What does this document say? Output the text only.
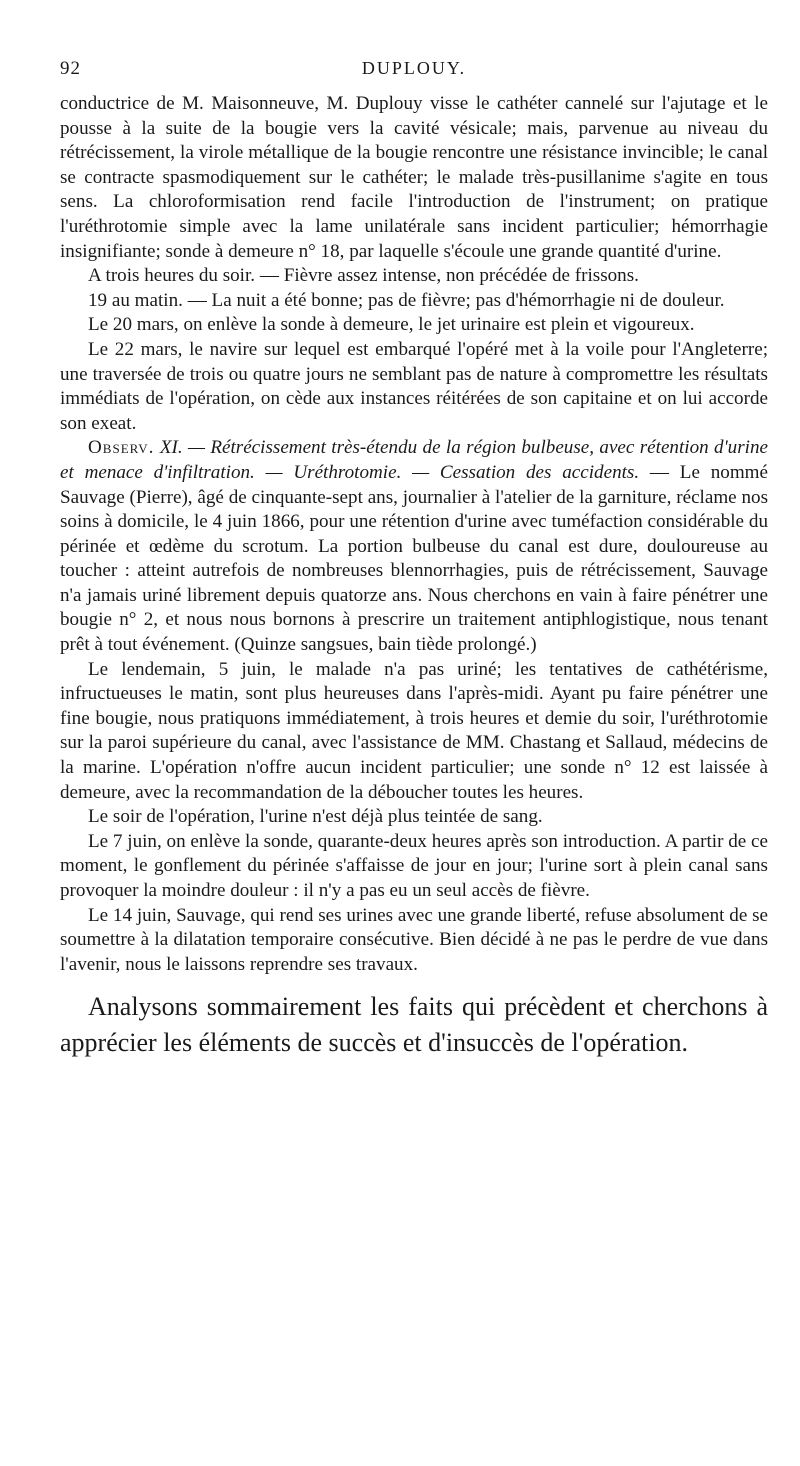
92	DUPLOUY.

conductrice de M. Maisonneuve, M. Duplouy visse le cathéter cannelé sur l'ajutage et le pousse à la suite de la bougie vers la cavité vésicale; mais, parvenue au niveau du rétrécissement, la virole métallique de la bougie rencontre une résistance invincible; le canal se contracte spasmodiquement sur le cathéter; le malade très-pusillanime s'agite en tous sens. La chloroformisation rend facile l'introduction de l'instrument; on pratique l'uréthrotomie simple avec la lame unilatérale sans incident particulier; hémorrhagie insignifiante; sonde à demeure n° 18, par laquelle s'écoule une grande quantité d'urine.

A trois heures du soir. — Fièvre assez intense, non précédée de frissons.

19 au matin. — La nuit a été bonne; pas de fièvre; pas d'hémorrhagie ni de douleur.

Le 20 mars, on enlève la sonde à demeure, le jet urinaire est plein et vigoureux.

Le 22 mars, le navire sur lequel est embarqué l'opéré met à la voile pour l'Angleterre; une traversée de trois ou quatre jours ne semblant pas de nature à compromettre les résultats immédiats de l'opération, on cède aux instances réitérées de son capitaine et on lui accorde son exeat.

Observ. XI. — Rétrécissement très-étendu de la région bulbeuse, avec rétention d'urine et menace d'infiltration. — Uréthrotomie. — Cessation des accidents. — Le nommé Sauvage (Pierre), âgé de cinquante-sept ans, journalier à l'atelier de la garniture, réclame nos soins à domicile, le 4 juin 1866, pour une rétention d'urine avec tuméfaction considérable du périnée et œdème du scrotum. La portion bulbeuse du canal est dure, douloureuse au toucher : atteint autrefois de nombreuses blennorrhagies, puis de rétrécissement, Sauvage n'a jamais uriné librement depuis quatorze ans. Nous cherchons en vain à faire pénétrer une bougie n° 2, et nous nous bornons à prescrire un traitement antiphlogistique, nous tenant prêt à tout événement. (Quinze sangsues, bain tiède prolongé.)

Le lendemain, 5 juin, le malade n'a pas uriné; les tentatives de cathétérisme, infructueuses le matin, sont plus heureuses dans l'après-midi. Ayant pu faire pénétrer une fine bougie, nous pratiquons immédiatement, à trois heures et demie du soir, l'uréthrotomie sur la paroi supérieure du canal, avec l'assistance de MM. Chastang et Sallaud, médecins de la marine. L'opération n'offre aucun incident particulier; une sonde n° 12 est laissée à demeure, avec la recommandation de la déboucher toutes les heures.

Le soir de l'opération, l'urine n'est déjà plus teintée de sang.

Le 7 juin, on enlève la sonde, quarante-deux heures après son introduction. A partir de ce moment, le gonflement du périnée s'affaisse de jour en jour; l'urine sort à plein canal sans provoquer la moindre douleur : il n'y a pas eu un seul accès de fièvre.

Le 14 juin, Sauvage, qui rend ses urines avec une grande liberté, refuse absolument de se soumettre à la dilatation temporaire consécutive. Bien décidé à ne pas le perdre de vue dans l'avenir, nous le laissons reprendre ses travaux.

Analysons sommairement les faits qui précèdent et cherchons à apprécier les éléments de succès et d'insuccès de l'opération.
